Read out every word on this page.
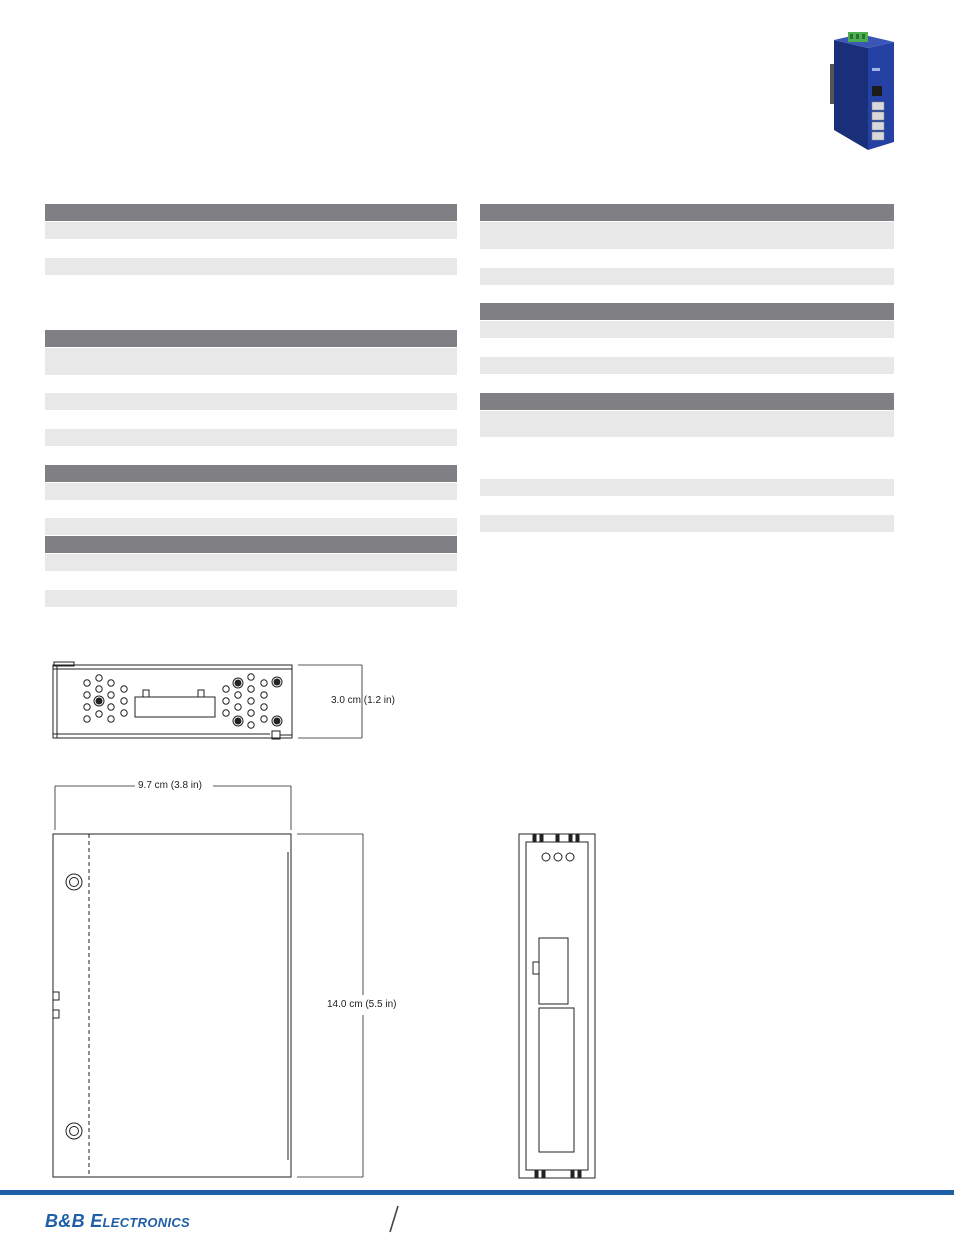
3.0 cm (1.2 in)
9.7 cm (3.8 in)
14.0 cm (5.5 in)
B&B ELECTRONICS
